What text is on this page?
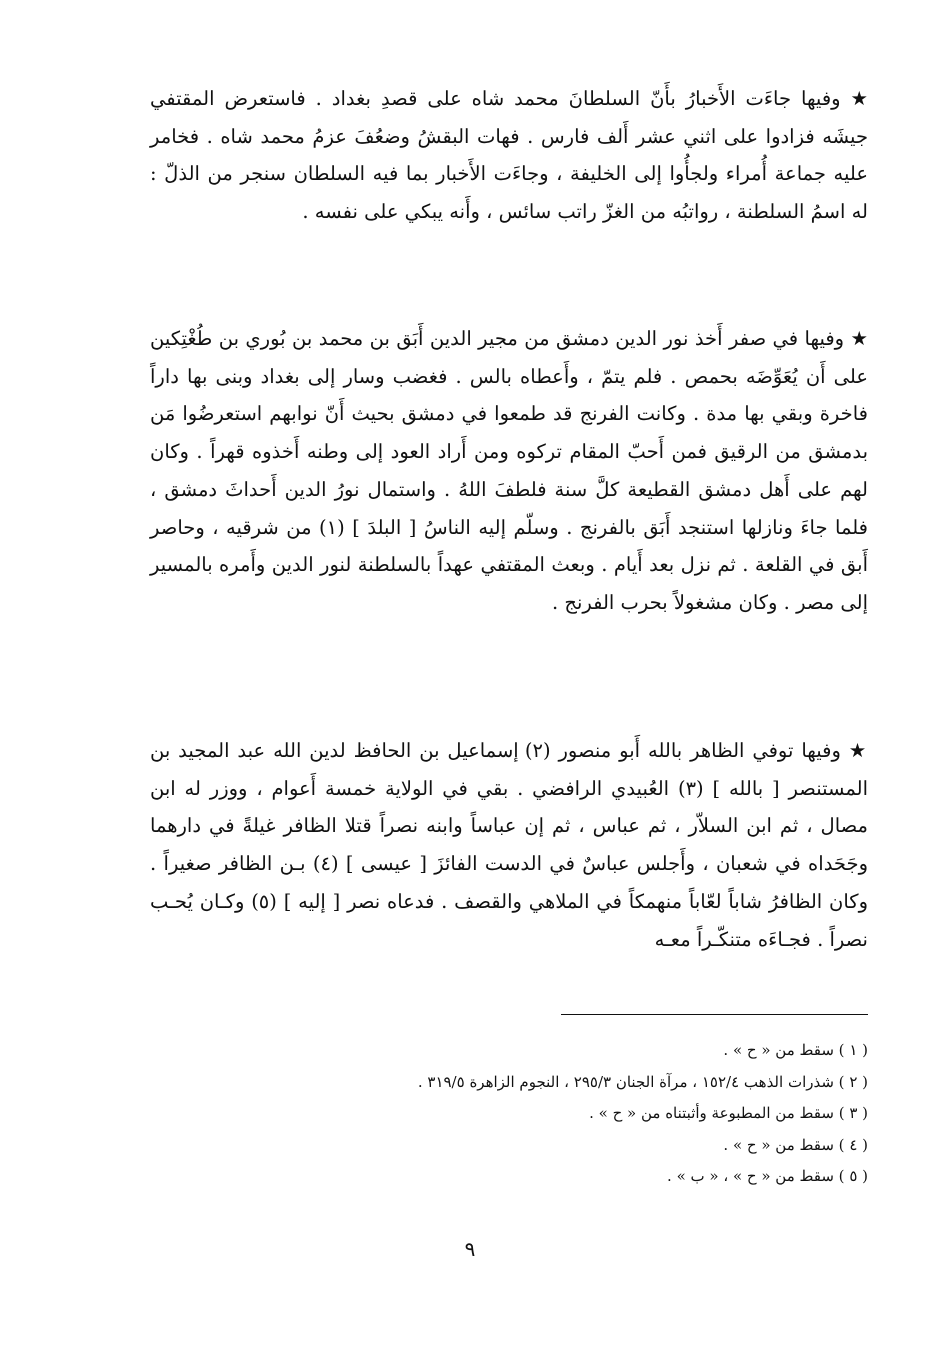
★ وفيها جاءَت الأَخبارُ بأَنّ السلطانَ محمد شاه على قصدِ بغداد . فاستعرض المقتفي جيشَه فزادوا على اثني عشر أَلف فارس . فهات البقشُ وضعُفَ عزمُ محمد شاه . فخامر عليه جماعة أُمراء ولجأُوا إلى الخليفة ، وجاءَت الأَخبار بما فيه السلطان سنجر من الذلّ : له اسمُ السلطنة ، رواتبُه من الغزّ راتب سائس ، وأَنه يبكي على نفسه .

★ وفيها في صفر أَخذ نور الدين دمشق من مجير الدين أَبَق بن محمد بن بُوري بن طُغْتِكين على أَن يُعَوِّضَه بحمص . فلم يتمّ ، وأَعطاه بالس . فغضب وسار إلى بغداد وبنى بها داراً فاخرة وبقي بها مدة . وكانت الفرنج قد طمعوا في دمشق بحيث أَنّ نوابهم استعرضُوا مَن بدمشق من الرقيق فمن أَحبّ المقام تركوه ومن أَراد العود إلى وطنه أَخذوه قهراً . وكان لهم على أَهل دمشق القطيعة كلَّ سنة فلطفَ اللهُ . واستمال نورُ الدين أَحداثَ دمشق ، فلما جاءَ ونازلها استنجد أَبَق بالفرنج . وسلّم إليه الناسُ [ البلدَ ] (١) من شرقيه ، وحاصر أَبق في القلعة . ثم نزل بعد أَيام . وبعث المقتفي عهداً بالسلطنة لنور الدين وأَمره بالمسير إلى مصر . وكان مشغولاً بحرب الفرنج .

★ وفيها توفي الظاهر بالله أَبو منصور (٢) إسماعيل بن الحافظ لدين الله عبد المجيد بن المستنصر [ بالله ] (٣) العُبيدي الرافضي . بقي في الولاية خمسة أَعوام ، ووزر له ابن مصال ، ثم ابن السلاّر ، ثم عباس ، ثم إن عباساً وابنه نصراً قتلا الظافر غيلةً في دارهما وجَحَداه في شعبان ، وأَجلس عباسٌ في الدست الفائزَ [ عيسى ] (٤) بـن الظافر صغيراً . وكان الظافرُ شاباً لعّاباً منهمكاً في الملاهي والقصف . فدعاه نصر [ إليه ] (٥) وكـان يُحـب نصراً . فجـاءَه متنكّـراً معـه

( ١ ) سقط من « ح » .
( ٢ ) شذرات الذهب ١٥٢/٤ ، مرآة الجنان ٢٩٥/٣ ، النجوم الزاهرة ٣١٩/٥ .
( ٣ ) سقط من المطبوعة وأثبتناه من « ح » .
( ٤ ) سقط من « ح » .
( ٥ ) سقط من « ح » ، « ب » .
٩
